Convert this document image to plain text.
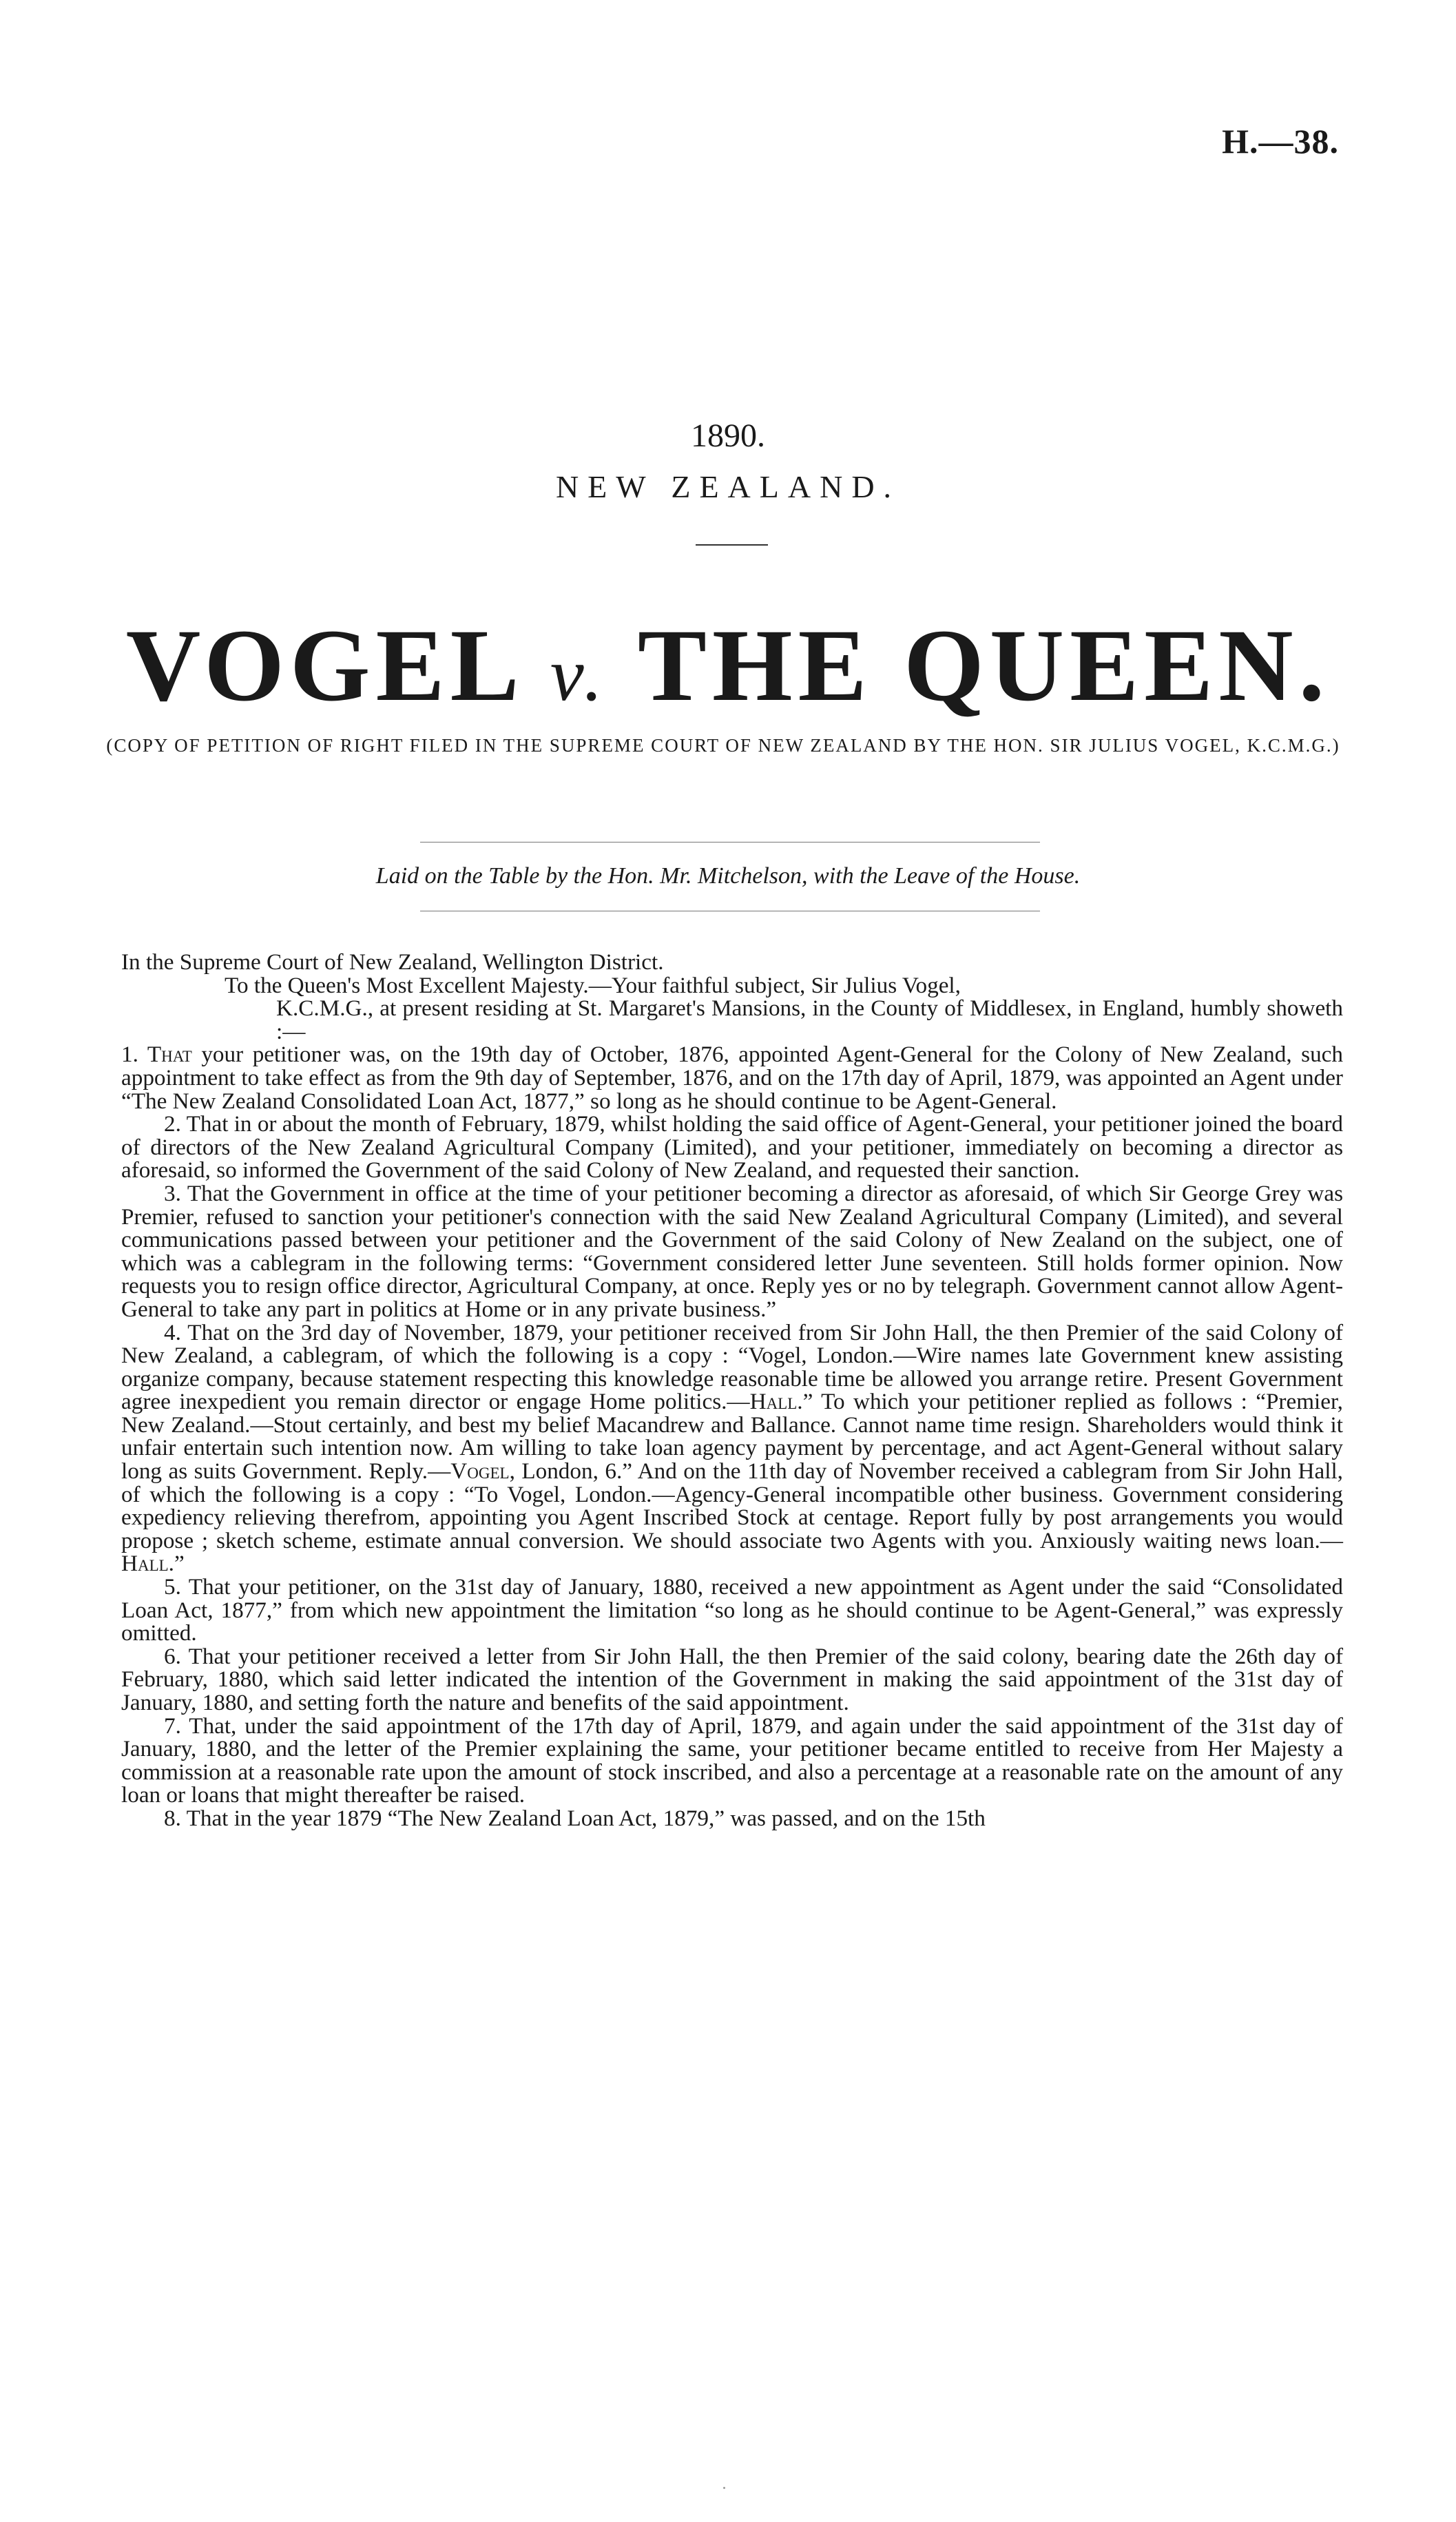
H.—38.
1890.
NEW ZEALAND.
VOGEL v. THE QUEEN.
(COPY OF PETITION OF RIGHT FILED IN THE SUPREME COURT OF NEW ZEALAND BY THE HON. SIR JULIUS VOGEL, K.C.M.G.)
Laid on the Table by the Hon. Mr. Mitchelson, with the Leave of the House.

In the Supreme Court of New Zealand, Wellington District.

To the Queen's Most Excellent Majesty.—Your faithful subject, Sir Julius Vogel,

K.C.M.G., at present residing at St. Margaret's Mansions, in the County of Middlesex, in England, humbly showeth :—

1. That your petitioner was, on the 19th day of October, 1876, appointed Agent-General for the Colony of New Zealand, such appointment to take effect as from the 9th day of September, 1876, and on the 17th day of April, 1879, was appointed an Agent under “The New Zealand Consolidated Loan Act, 1877,” so long as he should continue to be Agent-General.

2. That in or about the month of February, 1879, whilst holding the said office of Agent-General, your petitioner joined the board of directors of the New Zealand Agricultural Company (Limited), and your petitioner, immediately on becoming a director as aforesaid, so informed the Government of the said Colony of New Zealand, and requested their sanction.

3. That the Government in office at the time of your petitioner becoming a director as aforesaid, of which Sir George Grey was Premier, refused to sanction your petitioner's connection with the said New Zealand Agricultural Company (Limited), and several communications passed between your petitioner and the Government of the said Colony of New Zealand on the subject, one of which was a cablegram in the following terms: “Government considered letter June seventeen. Still holds former opinion. Now requests you to resign office director, Agricultural Company, at once. Reply yes or no by telegraph. Government cannot allow Agent-General to take any part in politics at Home or in any private business.”

4. That on the 3rd day of November, 1879, your petitioner received from Sir John Hall, the then Premier of the said Colony of New Zealand, a cablegram, of which the following is a copy : “Vogel, London.—Wire names late Government knew assisting organize company, because statement respecting this knowledge reasonable time be allowed you arrange retire. Present Government agree inexpedient you remain director or engage Home politics.—Hall.” To which your petitioner replied as follows : “Premier, New Zealand.—Stout certainly, and best my belief Macandrew and Ballance. Cannot name time resign. Shareholders would think it unfair entertain such intention now. Am willing to take loan agency payment by percentage, and act Agent-General without salary long as suits Government. Reply.—Vogel, London, 6.” And on the 11th day of November received a cablegram from Sir John Hall, of which the following is a copy : “To Vogel, London.—Agency-General incompatible other business. Government considering expediency relieving therefrom, appointing you Agent Inscribed Stock at centage. Report fully by post arrangements you would propose ; sketch scheme, estimate annual conversion. We should associate two Agents with you. Anxiously waiting news loan.—Hall.”

5. That your petitioner, on the 31st day of January, 1880, received a new appointment as Agent under the said “Consolidated Loan Act, 1877,” from which new appointment the limitation “so long as he should continue to be Agent-General,” was expressly omitted.

6. That your petitioner received a letter from Sir John Hall, the then Premier of the said colony, bearing date the 26th day of February, 1880, which said letter indicated the intention of the Government in making the said appointment of the 31st day of January, 1880, and setting forth the nature and benefits of the said appointment.

7. That, under the said appointment of the 17th day of April, 1879, and again under the said appointment of the 31st day of January, 1880, and the letter of the Premier explaining the same, your petitioner became entitled to receive from Her Majesty a commission at a reasonable rate upon the amount of stock inscribed, and also a percentage at a reasonable rate on the amount of any loan or loans that might thereafter be raised.

8. That in the year 1879 “The New Zealand Loan Act, 1879,” was passed, and on the 15th
